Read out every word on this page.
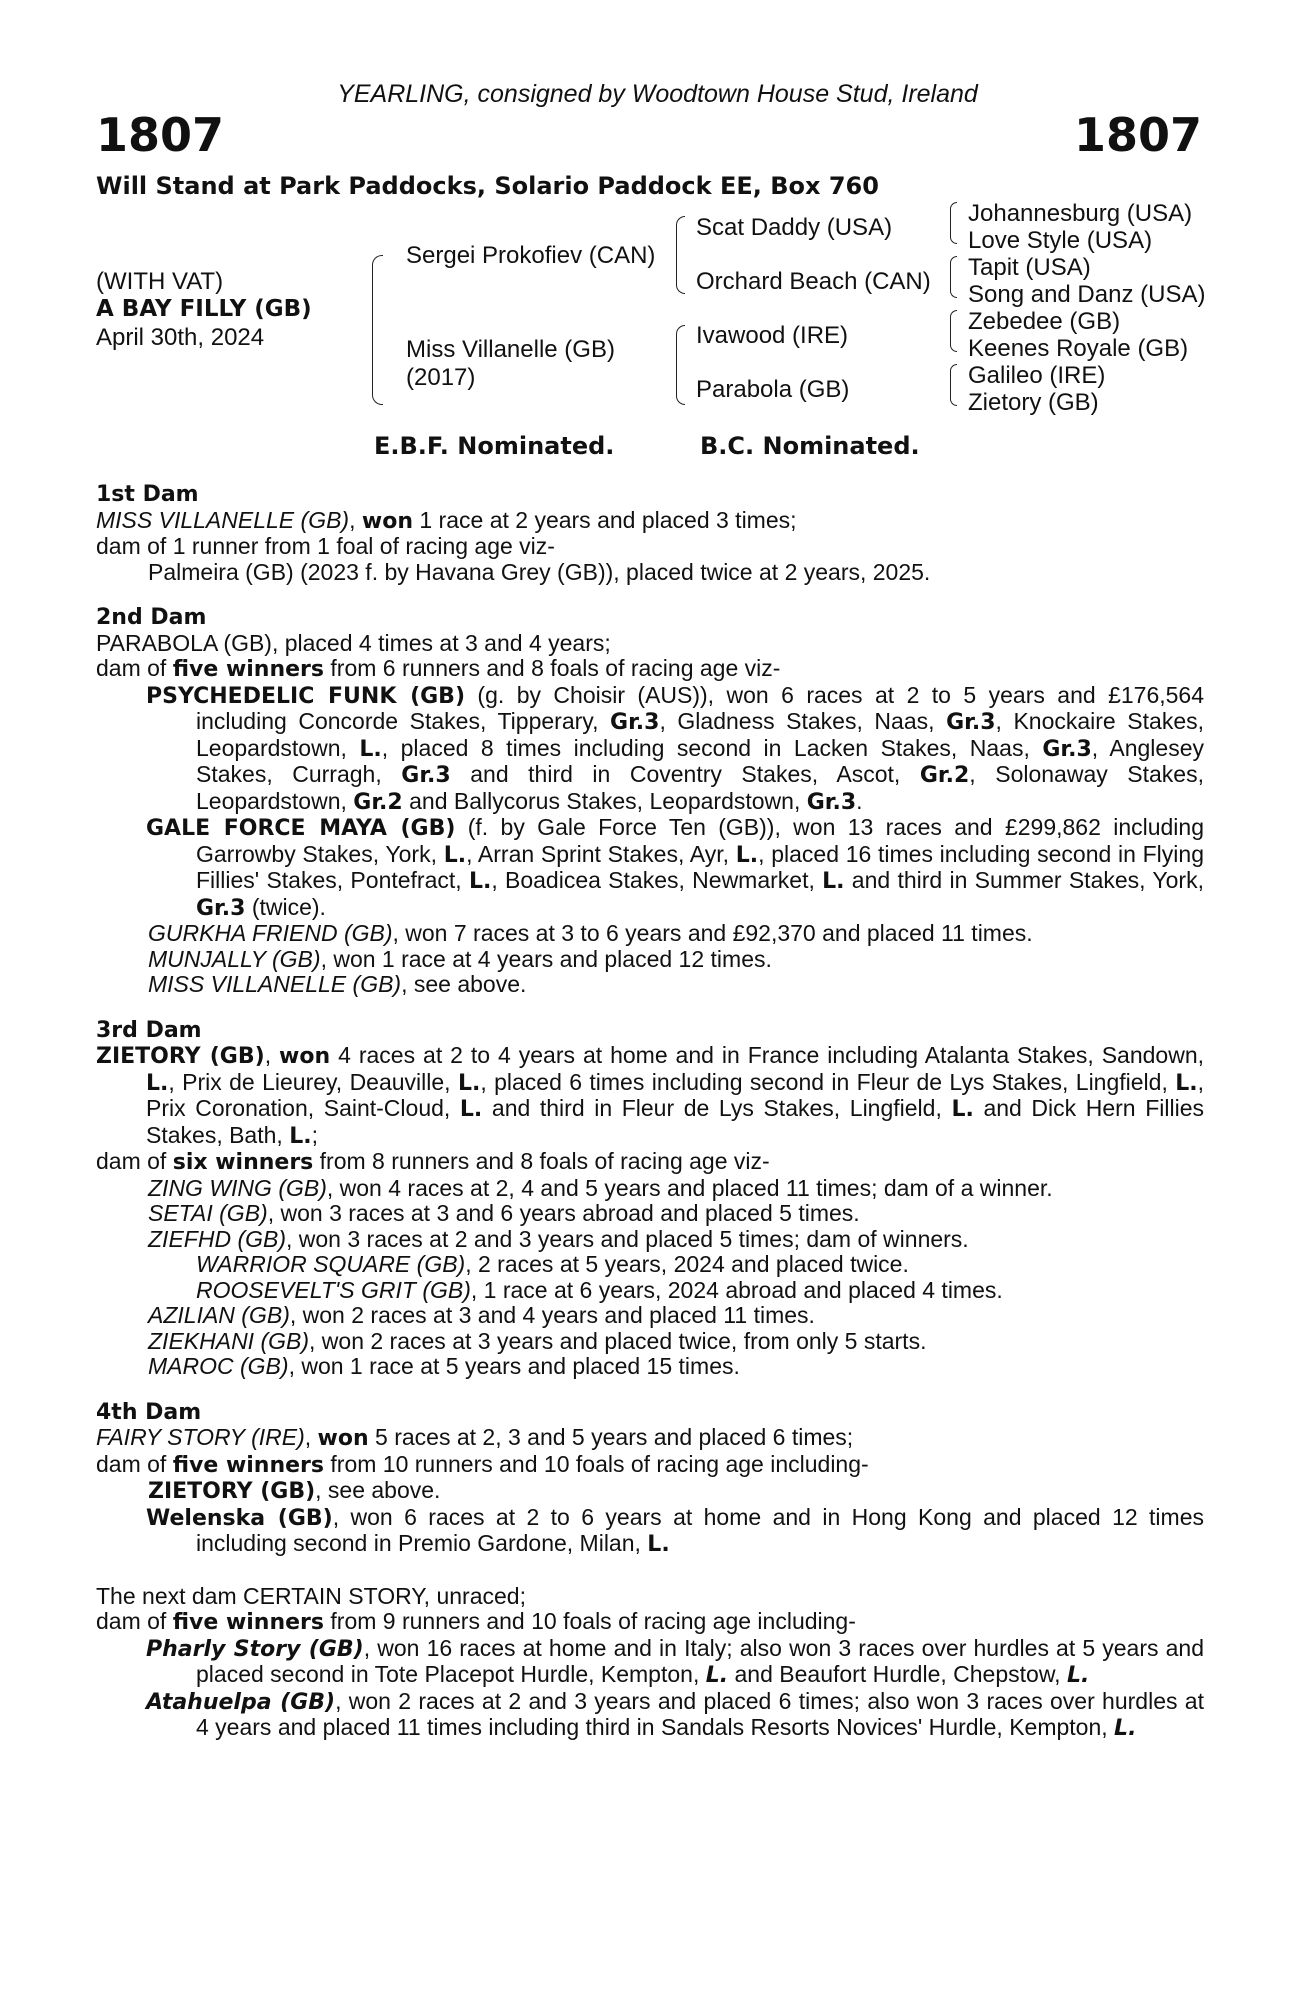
YEARLING, consigned by Woodtown House Stud, Ireland
1807	1807
Will Stand at Park Paddocks, Solario Paddock EE, Box 760
(WITH VAT)
A BAY FILLY (GB)
April 30th, 2024
Sergei Prokofiev (CAN)
Miss Villanelle (GB)
(2017)
Scat Daddy (USA)
Orchard Beach (CAN)
Ivawood (IRE)
Parabola (GB)
Johannesburg (USA)
Love Style (USA)
Tapit (USA)
Song and Danz (USA)
Zebedee (GB)
Keenes Royale (GB)
Galileo (IRE)
Zietory (GB)
E.B.F. Nominated.	B.C. Nominated.
1st Dam

MISS VILLANELLE (GB), won 1 race at 2 years and placed 3 times;

dam of 1 runner from 1 foal of racing age viz-

Palmeira (GB) (2023 f. by Havana Grey (GB)), placed twice at 2 years, 2025.

2nd Dam

PARABOLA (GB), placed 4 times at 3 and 4 years;

dam of five winners from 6 runners and 8 foals of racing age viz-

PSYCHEDELIC FUNK (GB) (g. by Choisir (AUS)), won 6 races at 2 to 5 years and £176,564 including Concorde Stakes, Tipperary, Gr.3, Gladness Stakes, Naas, Gr.3, Knockaire Stakes, Leopardstown, L., placed 8 times including second in Lacken Stakes, Naas, Gr.3, Anglesey Stakes, Curragh, Gr.3 and third in Coventry Stakes, Ascot, Gr.2, Solonaway Stakes, Leopardstown, Gr.2 and Ballycorus Stakes, Leopardstown, Gr.3.

GALE FORCE MAYA (GB) (f. by Gale Force Ten (GB)), won 13 races and £299,862 including Garrowby Stakes, York, L., Arran Sprint Stakes, Ayr, L., placed 16 times including second in Flying Fillies' Stakes, Pontefract, L., Boadicea Stakes, Newmarket, L. and third in Summer Stakes, York, Gr.3 (twice).

GURKHA FRIEND (GB), won 7 races at 3 to 6 years and £92,370 and placed 11 times.

MUNJALLY (GB), won 1 race at 4 years and placed 12 times.

MISS VILLANELLE (GB), see above.

3rd Dam

ZIETORY (GB), won 4 races at 2 to 4 years at home and in France including Atalanta Stakes, Sandown, L., Prix de Lieurey, Deauville, L., placed 6 times including second in Fleur de Lys Stakes, Lingfield, L., Prix Coronation, Saint-Cloud, L. and third in Fleur de Lys Stakes, Lingfield, L. and Dick Hern Fillies Stakes, Bath, L.;

dam of six winners from 8 runners and 8 foals of racing age viz-

ZING WING (GB), won 4 races at 2, 4 and 5 years and placed 11 times; dam of a winner.

SETAI (GB), won 3 races at 3 and 6 years abroad and placed 5 times.

ZIEFHD (GB), won 3 races at 2 and 3 years and placed 5 times; dam of winners.

WARRIOR SQUARE (GB), 2 races at 5 years, 2024 and placed twice.

ROOSEVELT'S GRIT (GB), 1 race at 6 years, 2024 abroad and placed 4 times.

AZILIAN (GB), won 2 races at 3 and 4 years and placed 11 times.

ZIEKHANI (GB), won 2 races at 3 years and placed twice, from only 5 starts.

MAROC (GB), won 1 race at 5 years and placed 15 times.

4th Dam

FAIRY STORY (IRE), won 5 races at 2, 3 and 5 years and placed 6 times;

dam of five winners from 10 runners and 10 foals of racing age including-

ZIETORY (GB), see above.

Welenska (GB), won 6 races at 2 to 6 years at home and in Hong Kong and placed 12 times including second in Premio Gardone, Milan, L.

The next dam CERTAIN STORY, unraced;

dam of five winners from 9 runners and 10 foals of racing age including-

Pharly Story (GB), won 16 races at home and in Italy; also won 3 races over hurdles at 5 years and placed second in Tote Placepot Hurdle, Kempton, L. and Beaufort Hurdle, Chepstow, L.

Atahuelpa (GB), won 2 races at 2 and 3 years and placed 6 times; also won 3 races over hurdles at 4 years and placed 11 times including third in Sandals Resorts Novices' Hurdle, Kempton, L.
